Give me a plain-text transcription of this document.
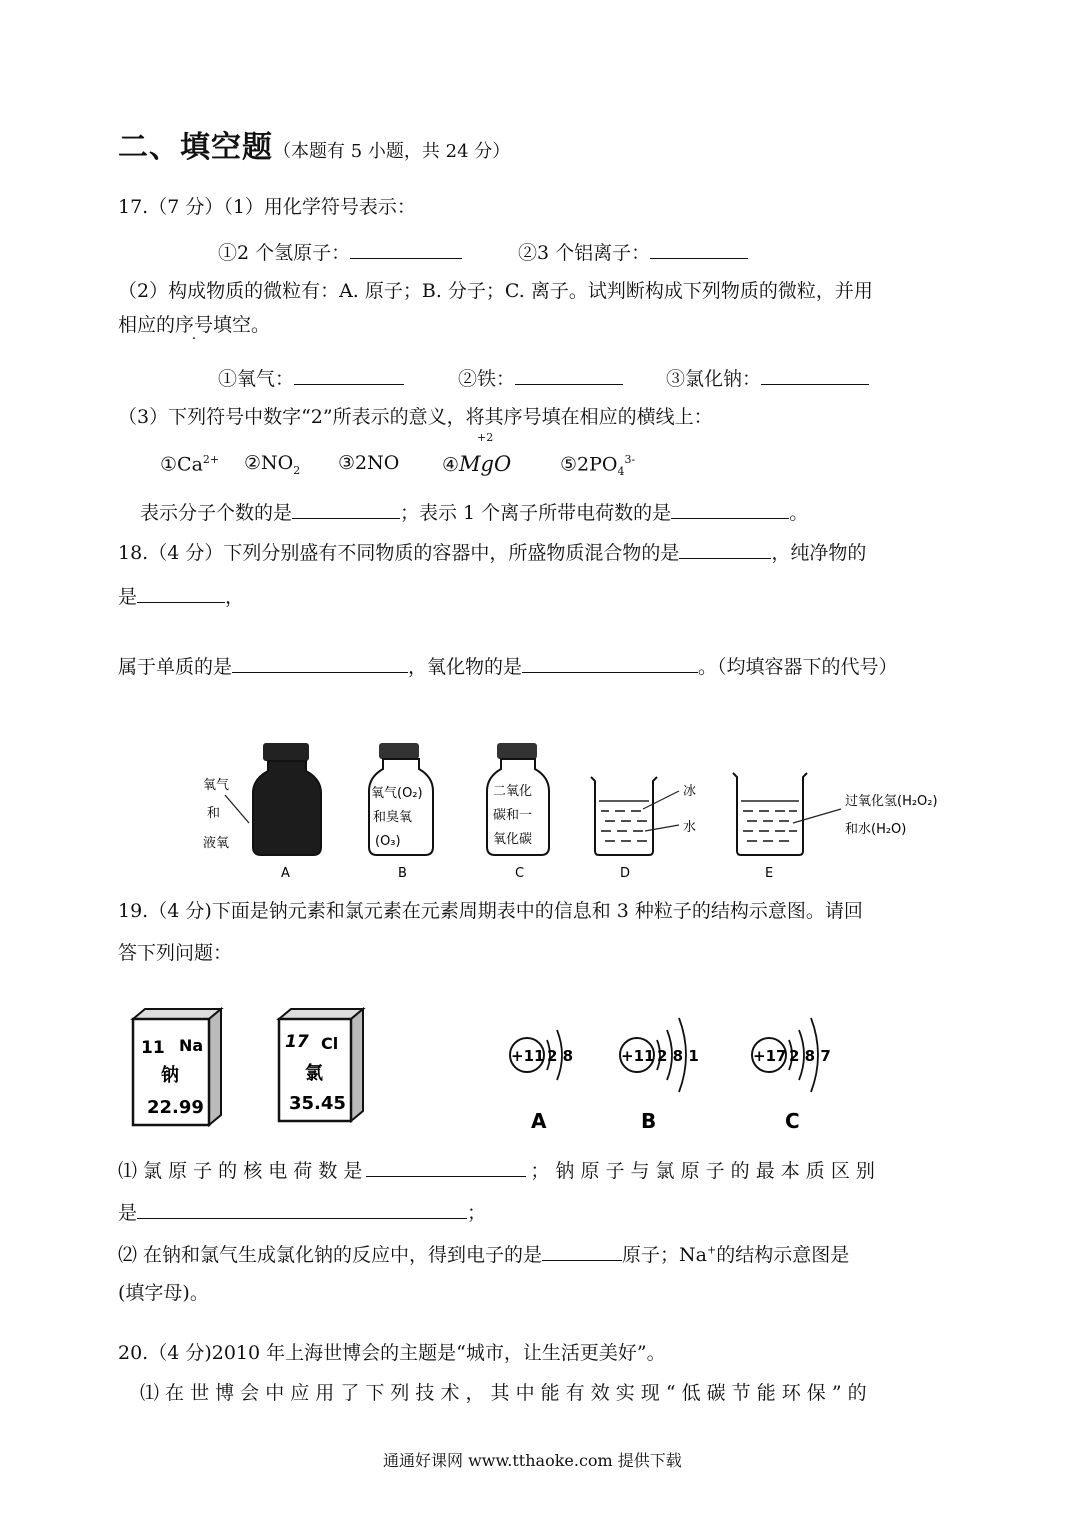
二、填空题（本题有 5 小题，共 24 分）
17.（7 分）（1）用化学符号表示：
①2 个氢原子：	②3 个铝离子：
（2）构成物质的微粒有：A. 原子；B. 分子；C. 离子。试判断构成下列物质的微粒，并用
相应的序号填空。
①氧气：	②铁：	③氯化钠：
（3）下列符号中数字“2”所表示的意义，将其序号填在相应的横线上：
$①Ca^{2+}$ $②NO_2$ ③2NO ④
+2
MgO	$⑤2PO_4^{3-}$
表示分子个数的是	；表示 1 个离子所带电荷数的是	。
18.（4 分）下列分别盛有不同物质的容器中，所盛物质混合物的是	，纯净物的
是	，
属于单质的是	，氧化物的是	。（均填容器下的代号）
氧气
和
液氧
A
氧气(O₂)
和臭氧
(O₃)
B
二氧化
碳和一
氧化碳
C
冰
水
D
过氧化氢(H₂O₂)
和水(H₂O)
E
19.（4 分)下面是钠元素和氯元素在元素周期表中的信息和 3 种粒子的结构示意图。请回
答下列问题：
11 Na
钠
22.99
17 Cl
氯
35.45
+11 2 8
A
+11 2 8 1
B
+17 2 8 7
C
⑴ 氯 原 子 的 核 电 荷 数 是	； 钠 原 子 与 氯 原 子 的 最 本 质 区 别
是	；
⑵ 在钠和氯气生成氯化钠的反应中，得到电子的是	原子；Na+的结构示意图是
(填字母)。
20.（4 分)2010 年上海世博会的主题是“城市，让生活更美好”。
⑴ 在 世 博 会 中 应 用 了 下 列 技 术 ， 其 中 能 有 效 实 现 “ 低 碳 节 能 环 保 ” 的
通通好课网 www.tthaoke.com 提供下载
